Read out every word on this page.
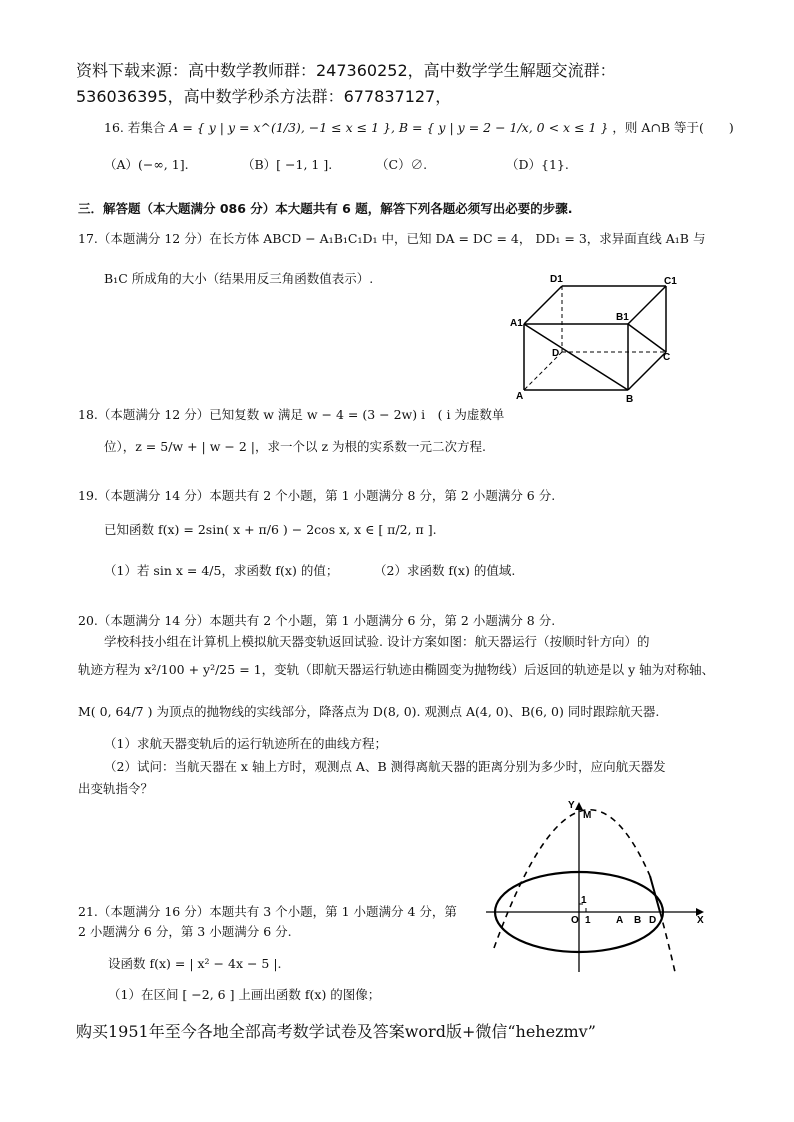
资料下载来源：高中数学教师群：247360252，高中数学学生解题交流群：
536036395，高中数学秒杀方法群：677837127，
16. 若集合 A = { y | y = x^(1/3), −1 ≤ x ≤ 1 }, B = { y | y = 2 − 1/x, 0 < x ≤ 1 } ，则 A∩B 等于(　　)
（A）(−∞, 1].	（B）[ −1, 1 ].	（C）∅.	（D）{1}.
三．解答题（本大题满分 086 分）本大题共有 6 题，解答下列各题必须写出必要的步骤.
17.（本题满分 12 分）在长方体 ABCD − A₁B₁C₁D₁ 中，已知 DA = DC = 4， DD₁ = 3，求异面直线 A₁B 与
B₁C 所成角的大小（结果用反三角函数值表示）.	D1	C1
A1
B1
D	C
A	B
18.（本题满分 12 分）已知复数 w 满足 w − 4 = (3 − 2w) i　( i 为虚数单
位），z = 5/w + | w − 2 |，求一个以 z 为根的实系数一元二次方程.
19.（本题满分 14 分）本题共有 2 个小题，第 1 小题满分 8 分，第 2 小题满分 6 分.
已知函数 f(x) = 2sin( x + π/6 ) − 2cos x, x ∈ [ π/2, π ].
（1）若 sin x = 4/5，求函数 f(x) 的值；	（2）求函数 f(x) 的值域.
20.（本题满分 14 分）本题共有 2 个小题，第 1 小题满分 6 分，第 2 小题满分 8 分.
学校科技小组在计算机上模拟航天器变轨返回试验. 设计方案如图：航天器运行（按顺时针方向）的
轨迹方程为 x²/100 + y²/25 = 1，变轨（即航天器运行轨迹由椭圆变为抛物线）后返回的轨迹是以 y 轴为对称轴、
M( 0, 64/7 ) 为顶点的抛物线的实线部分，降落点为 D(8, 0). 观测点 A(4, 0)、B(6, 0) 同时跟踪航天器.
（1）求航天器变轨后的运行轨迹所在的曲线方程；
（2）试问：当航天器在 x 轴上方时，观测点 A、B 测得离航天器的距离分别为多少时，应向航天器发
出变轨指令？
Y
M
1
O 1	A B D	X
21.（本题满分 16 分）本题共有 3 个小题，第 1 小题满分 4 分，第
2 小题满分 6 分，第 3 小题满分 6 分.
设函数 f(x) = | x² − 4x − 5 |.
（1）在区间 [ −2, 6 ] 上画出函数 f(x) 的图像；
购买1951年至今各地全部高考数学试卷及答案word版+微信“hehezmv”
